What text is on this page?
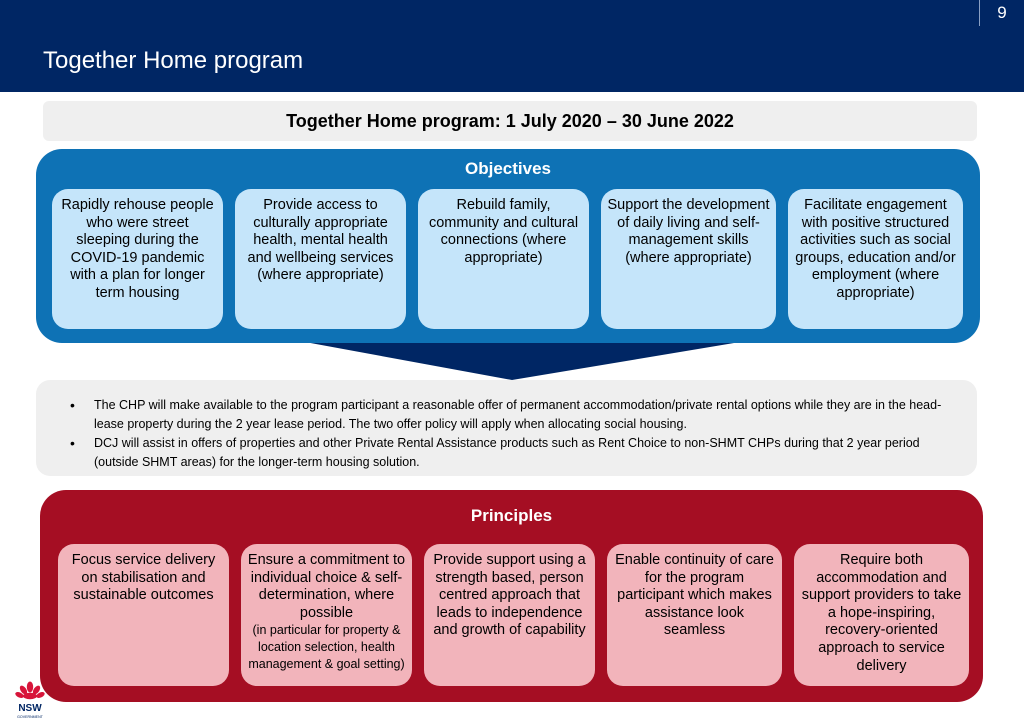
9
Together Home program
Together Home program: 1 July 2020 – 30 June 2022
Objectives
Rapidly rehouse people who were street sleeping during the COVID-19 pandemic with a plan for longer term housing
Provide access to culturally appropriate health, mental health and wellbeing services (where appropriate)
Rebuild family, community and cultural connections (where appropriate)
Support the development of daily living and self-management skills (where appropriate)
Facilitate engagement with positive structured activities such as social groups, education and/or employment (where appropriate)
• The CHP will make available to the program participant a reasonable offer of permanent accommodation/private rental options while they are in the head-lease property during the 2 year lease period. The two offer policy will apply when allocating social housing.
• DCJ will assist in offers of properties and other Private Rental Assistance products such as Rent Choice to non-SHMT CHPs during that 2 year period (outside SHMT areas) for the longer-term housing solution.
Principles
Focus service delivery on stabilisation and sustainable outcomes
Ensure a commitment to individual choice & self-determination, where possible
(in particular for property & location selection, health management & goal setting)
Provide support using a strength based, person centred approach that leads to independence and growth of capability
Enable continuity of care for the program participant which makes assistance look seamless
Require both accommodation and support providers to take a hope-inspiring, recovery-oriented approach to service delivery
NSW
GOVERNMENT
